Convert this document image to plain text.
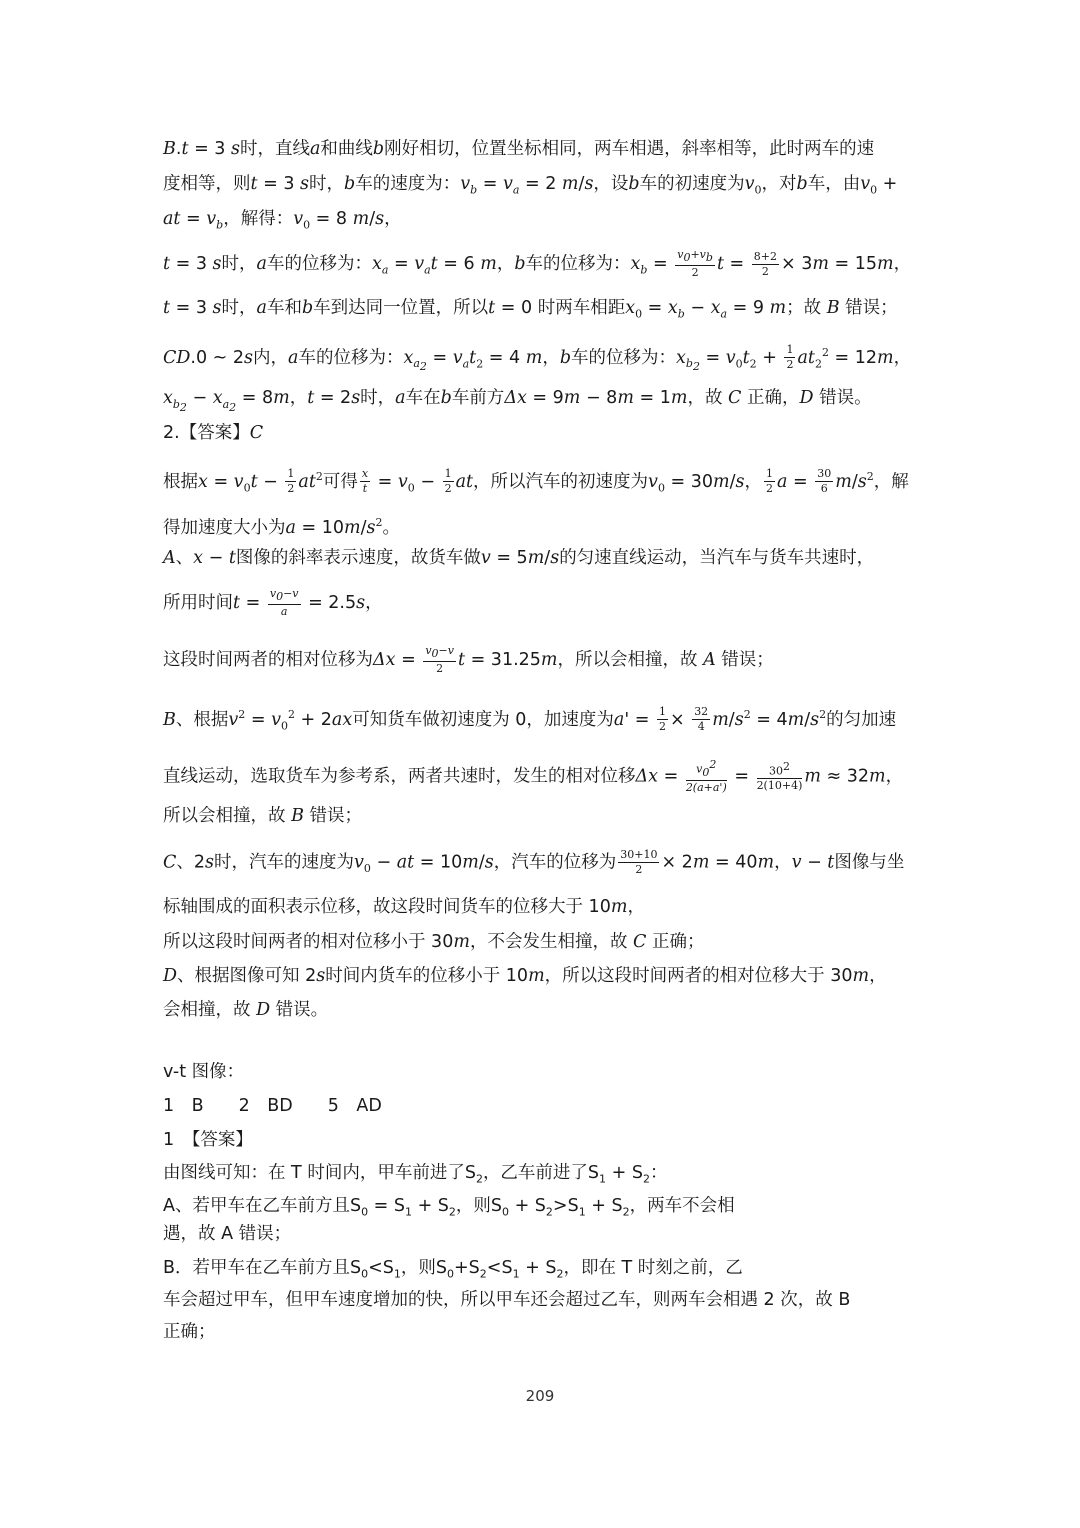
B.t = 3 s时，直线a和曲线b刚好相切，位置坐标相同，两车相遇，斜率相等，此时两车的速
度相等，则t = 3 s时，b车的速度为：$v_b = v_a = 2$ m/s，设b车的初速度为$v_0$，对b车，由$v_0$ +
at = $v_b$，解得：$v_0 = 8$ m/s，
t = 3 s时，a车的位移为：$x_a = v_at = 6$ m，b车的位移为：$x_b = \frac{v_0+v_b}{2}$ $t = \frac{8+2}{2} \times 3m = 15m$，
t = 3 s时，a车和b车到达同一位置，所以t = 0 时两车相距$x_0 = x_b - x_a = 9$ m；故 B 错误；
CD.0 ~ 2s内，a车的位移为：$x_{a_2} = v_at_2 = 4$ m，b车的位移为：$x_{b_2} = v_0t_2 + \frac{1}{2} at_2^2 = 12m$，
$x_{b_2} - x_{a_2} = 8m$，t = 2s时，a车在b车前方Δx = 9m − 8m = 1m，故 C 正确，D 错误。
2.【答案】C
根据$x = v_0t - \frac{1}{2} at^2$可得 $\frac{x}{t} = v_0 - \frac{1}{2}$ at，所以汽车的初速度为$v_0 = 30m/s$， $\frac{1}{2}$ $a = \frac{30}{6} m/s^2$，解
得加速度大小为$a = 10m/s^2$。
A、x − t图像的斜率表示速度，故货车做v = 5m/s的匀速直线运动，当汽车与货车共速时，
所用时间$t = \frac{v_0-v}{a} = 2.5s$，
这段时间两者的相对位移为$\Delta x = \frac{v_0-v}{2}$ t = 31.25m，所以会相撞，故 A 错误；
B、根据$v^2 = v_0^2 + 2ax$可知货车做初速度为 0，加速度为$a' = \frac{1}{2} \times \frac{32}{4} m/s^2 = 4m/s^2$的匀加速
直线运动，选取货车为参考系，两者共速时，发生的相对位移$\Delta x = \frac{v_0^2}{2(a+a')} = \frac{30^2}{2(10+4)}$ m ≈ 32m，
所以会相撞，故 B 错误；
C、2s时，汽车的速度为$v_0$ − at = 10m/s，汽车的位移为 $\frac{30+10}{2} \times 2m = 40m$，v − t图像与坐
标轴围成的面积表示位移，故这段时间货车的位移大于 10m，
所以这段时间两者的相对位移小于 30m，不会发生相撞，故 C 正确；
D、根据图像可知 2s时间内货车的位移小于 10m，所以这段时间两者的相对位移大于 30m，
会相撞，故 D 错误。
v-t 图像：
1　B　　2　BD　　5　AD
1　【答案】
由图线可知：在 T 时间内，甲车前进了$S_2$，乙车前进了$S_1 + S_2$：
A、若甲车在乙车前方且$S_0 = S_1 + S_2$，则$S_0 + S_2>S_1 + S_2$，两车不会相
遇，故 A 错误；
B．若甲车在乙车前方且$S_0<S_1$，则$S_0+S_2<S_1 + S_2$，即在 T 时刻之前，乙
车会超过甲车，但甲车速度增加的快，所以甲车还会超过乙车，则两车会相遇 2 次，故 B
正确；
209
